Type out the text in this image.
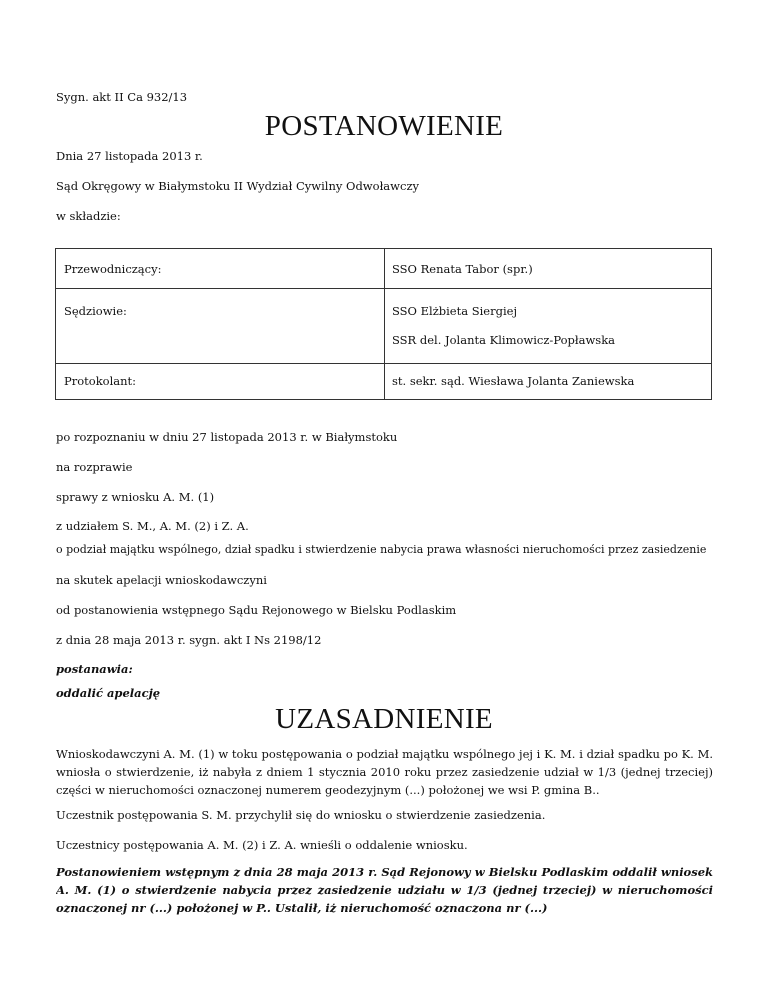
Sygn. akt II Ca 932/13

POSTANOWIENIE

Dnia 27 listopada 2013 r.

Sąd Okręgowy w Białymstoku II Wydział Cywilny Odwoławczy

w składzie:

Przewodniczący:	SSO Renata Tabor (spr.)
Sędziowie:	SSO Elżbieta Siergiej
SSR del. Jolanta Klimowicz-Popławska
Protokolant:	st. sekr. sąd. Wiesława Jolanta Zaniewska

po rozpoznaniu w dniu 27 listopada 2013 r. w Białymstoku

na rozprawie

sprawy z wniosku A. M. (1)

z udziałem S. M., A. M. (2) i Z. A.

o podział majątku wspólnego, dział spadku i stwierdzenie nabycia prawa własności nieruchomości przez zasiedzenie

na skutek apelacji wnioskodawczyni

od postanowienia wstępnego Sądu Rejonowego w Bielsku Podlaskim

z dnia 28 maja 2013 r. sygn. akt I Ns 2198/12

postanawia:

oddalić apelację

UZASADNIENIE
Wnioskodawczyni A. M. (1) w toku postępowania o podział majątku wspólnego jej i K. M. i dział spadku po K. M. wniosła o stwierdzenie, iż nabyła z dniem 1 stycznia 2010 roku przez zasiedzenie udział w 1/3 (jednej trzeciej) części w nieruchomości oznaczonej numerem geodezyjnym (...) położonej we wsi P. gmina B..

Uczestnik postępowania S. M. przychylił się do wniosku o stwierdzenie zasiedzenia.

Uczestnicy postępowania A. M. (2) i Z. A. wnieśli o oddalenie wniosku.

Postanowieniem wstępnym z dnia 28 maja 2013 r. Sąd Rejonowy w Bielsku Podlaskim oddalił wniosek A. M. (1) o stwierdzenie nabycia przez zasiedzenie udziału w 1/3 (jednej trzeciej) w nieruchomości oznaczonej nr (...) położonej w P.. Ustalił, iż nieruchomość oznaczona nr (...)
